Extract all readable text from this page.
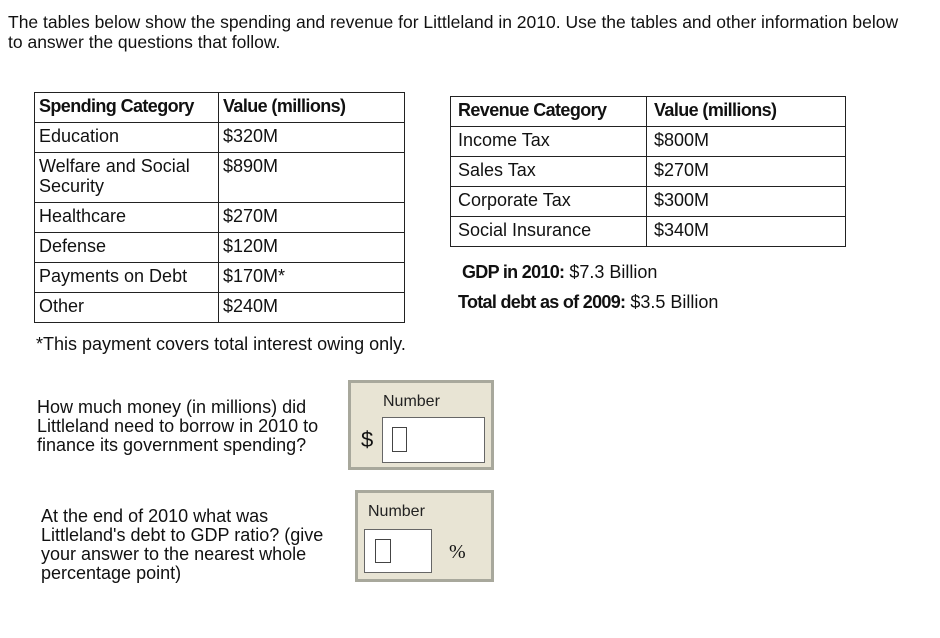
The tables below show the spending and revenue for Littleland in 2010. Use the tables and other information below to answer the questions that follow.

Spending Category	Value (millions)
Education	$320M
Welfare and Social Security	$890M
Healthcare	$270M
Defense	$120M
Payments on Debt	$170M*
Other	$240M
Revenue Category	Value (millions)
Income Tax	$800M
Sales Tax	$270M
Corporate Tax	$300M
Social Insurance	$340M

*This payment covers total interest owing only.

GDP in 2010: $7.3 Billion

Total debt as of 2009: $3.5 Billion

How much money (in millions) did Littleland need to borrow in 2010 to finance its government spending?

Number
$

At the end of 2010 what was Littleland's debt to GDP ratio? (give your answer to the nearest whole percentage point)

Number
%
